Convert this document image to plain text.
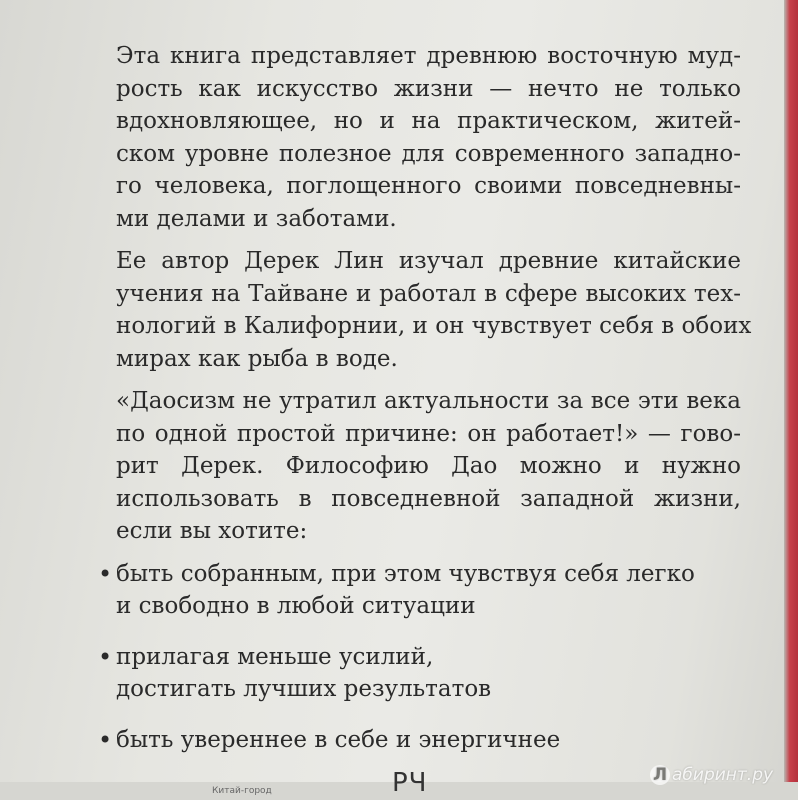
Эта книга представляет древнюю восточную муд-
рость как искусство жизни — нечто не только
вдохновляющее, но и на практическом, житей-
ском уровне полезное для современного западно-
го человека, поглощенного своими повседневны-
ми делами и заботами.

Ее автор Дерек Лин изучал древние китайские
учения на Тайване и работал в сфере высоких тех-
нологий в Калифорнии, и он чувствует себя в обоих
мирах как рыба в воде.

«Даосизм не утратил актуальности за все эти века
по одной простой причине: он работает!» — гово-
рит Дерек. Философию Дао можно и нужно
использовать в повседневной западной жизни,
если вы хотите:

• быть собранным, при этом чувствуя себя легко
и свободно в любой ситуации
• прилагая меньше усилий,
достигать лучших результатов
• быть увереннее в себе и энергичнее
Китай-город	РЧ	Л абиринт.ру
